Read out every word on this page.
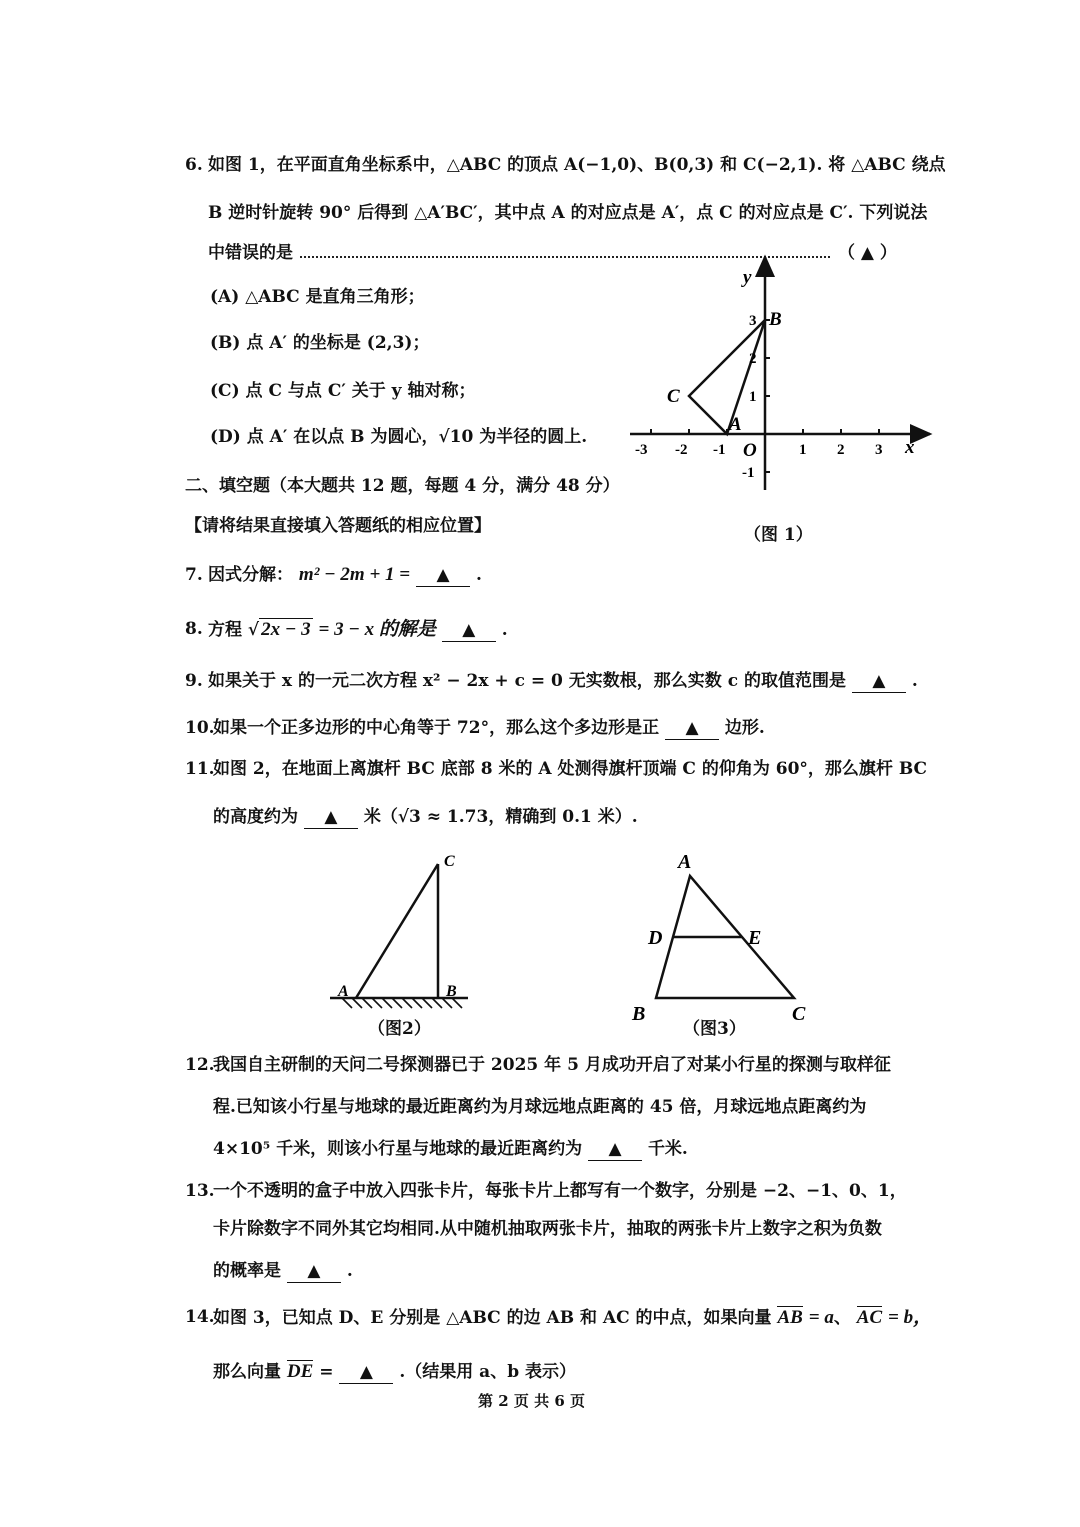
6. 如图 1，在平面直角坐标系中，△ABC 的顶点 A(−1,0)、B(0,3) 和 C(−2,1). 将 △ABC 绕点
B 逆时针旋转 90° 后得到 △A′BC′，其中点 A 的对应点是 A′，点 C 的对应点是 C′. 下列说法
中错误的是	（ ▲ ）
(A) △ABC 是直角三角形；
(B) 点 A′ 的坐标是 (2,3)；
(C) 点 C 与点 C′ 关于 y 轴对称；
(D) 点 A′ 在以点 B 为圆心，√10 为半径的圆上.
-3 -2 -1	1 2 3
3
2
1
-1
x
y
O
A
B
C
（图 1）
二、填空题（本大题共 12 题，每题 4 分，满分 48 分）
【请将结果直接填入答题纸的相应位置】
7. 因式分解： m² − 2m + 1 = ▲ .
8. 方程 √ 2x − 3 = 3 − x 的解是 ▲ .
9. 如果关于 x 的一元二次方程 x² − 2x + c = 0 无实数根，那么实数 c 的取值范围是 ▲ .
10.
如果一个正多边形的中心角等于 72°，那么这个多边形是正 ▲ 边形.
11.
如图 2，在地面上离旗杆 BC 底部 8 米的 A 处测得旗杆顶端 C 的仰角为 60°，那么旗杆 BC
的高度约为 ▲ 米（√3 ≈ 1.73，精确到 0.1 米）.
A	B
C
（图2）
A
B	C
D	E
（图3）
12.
我国自主研制的天问二号探测器已于 2025 年 5 月成功开启了对某小行星的探测与取样征
程.已知该小行星与地球的最近距离约为月球远地点距离的 45 倍，月球远地点距离约为
4×10⁵ 千米，则该小行星与地球的最近距离约为 ▲ 千米.
13.
一个不透明的盒子中放入四张卡片，每张卡片上都写有一个数字，分别是 −2、−1、0、1，
卡片除数字不同外其它均相同.从中随机抽取两张卡片，抽取的两张卡片上数字之积为负数
的概率是 ▲ .
14.
如图 3，已知点 D、E 分别是 △ABC 的边 AB 和 AC 的中点，如果向量 AB = a、 AC = b，
那么向量 DE = ▲ .（结果用 a、b 表示）
第 2 页 共 6 页
